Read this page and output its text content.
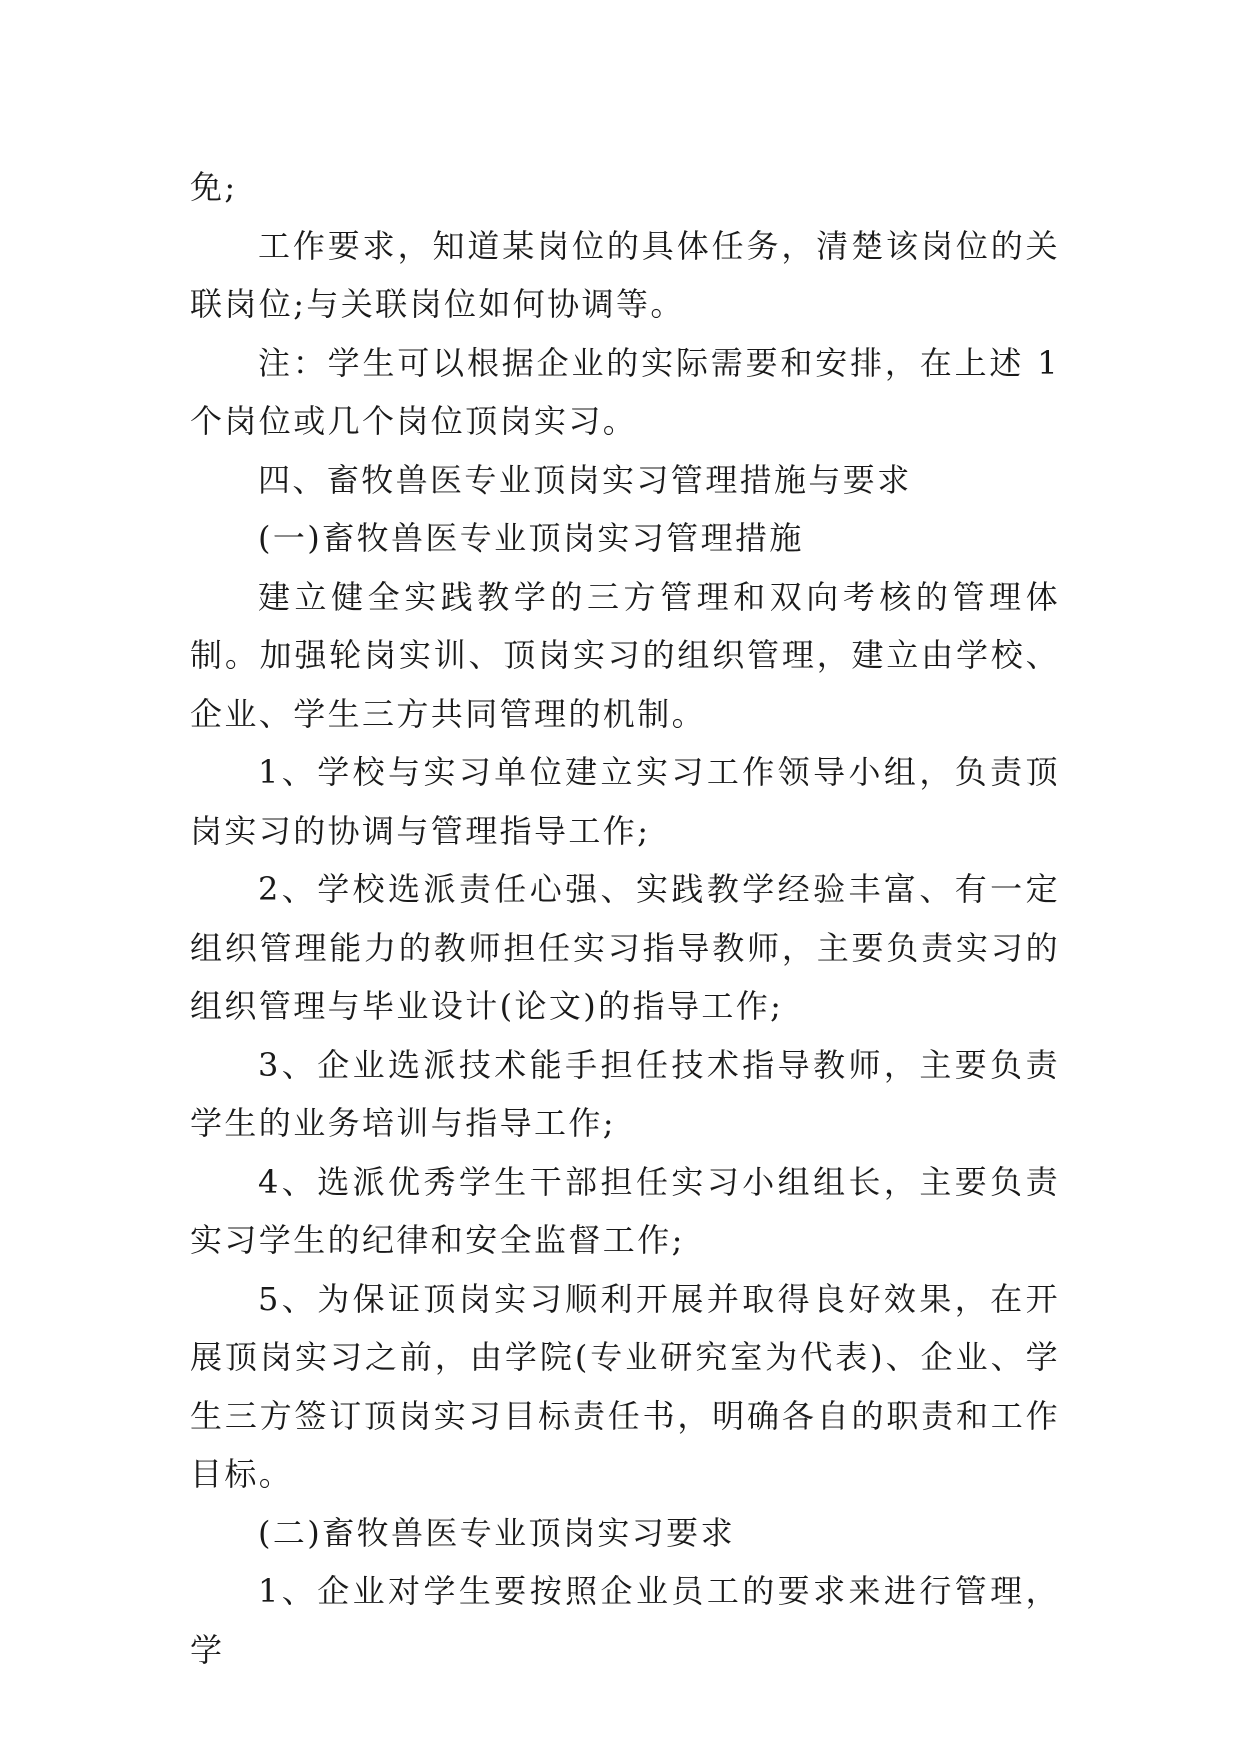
免;

工作要求，知道某岗位的具体任务，清楚该岗位的关联岗位;与关联岗位如何协调等。

注：学生可以根据企业的实际需要和安排，在上述 1 个岗位或几个岗位顶岗实习。

四、畜牧兽医专业顶岗实习管理措施与要求

(一)畜牧兽医专业顶岗实习管理措施

建立健全实践教学的三方管理和双向考核的管理体制。加强轮岗实训、顶岗实习的组织管理，建立由学校、企业、学生三方共同管理的机制。

1、学校与实习单位建立实习工作领导小组，负责顶岗实习的协调与管理指导工作;

2、学校选派责任心强、实践教学经验丰富、有一定组织管理能力的教师担任实习指导教师，主要负责实习的组织管理与毕业设计(论文)的指导工作;

3、企业选派技术能手担任技术指导教师，主要负责学生的业务培训与指导工作;

4、选派优秀学生干部担任实习小组组长，主要负责实习学生的纪律和安全监督工作;

5、为保证顶岗实习顺利开展并取得良好效果，在开展顶岗实习之前，由学院(专业研究室为代表)、企业、学生三方签订顶岗实习目标责任书，明确各自的职责和工作目标。

(二)畜牧兽医专业顶岗实习要求

1、企业对学生要按照企业员工的要求来进行管理，学
